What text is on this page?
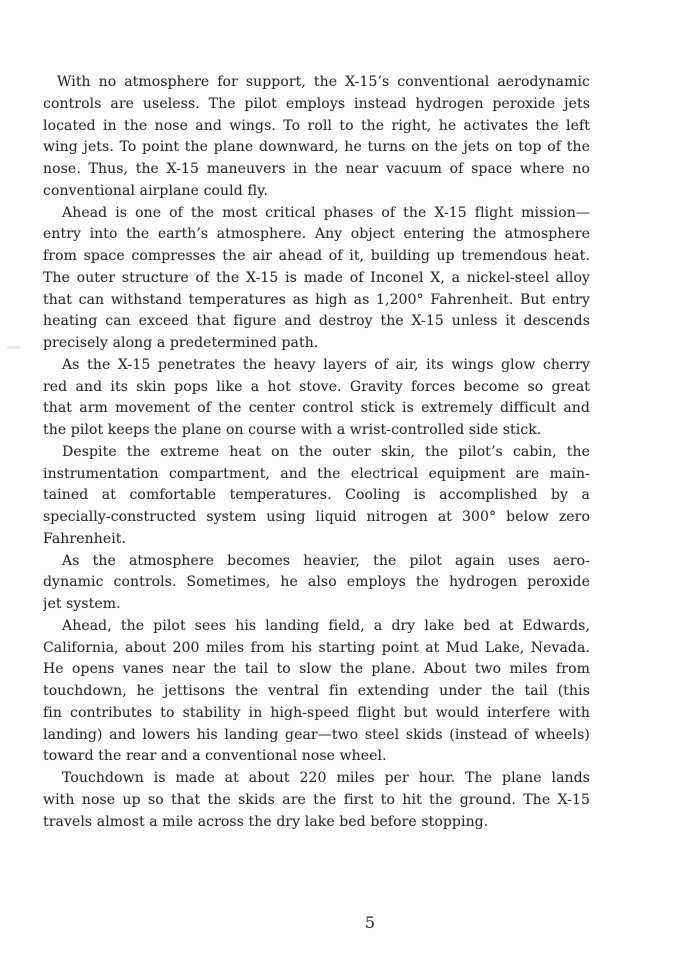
With no atmosphere for support, the X-15’s conventional aerodynamic
controls are useless. The pilot employs instead hydrogen peroxide jets
located in the nose and wings. To roll to the right, he activates the left
wing jets. To point the plane downward, he turns on the jets on top of the
nose. Thus, the X-15 maneuvers in the near vacuum of space where no
conventional airplane could fly.
Ahead is one of the most critical phases of the X-15 flight mission—
entry into the earth’s atmosphere. Any object entering the atmosphere
from space compresses the air ahead of it, building up tremendous heat.
The outer structure of the X-15 is made of Inconel X, a nickel-steel alloy
that can withstand temperatures as high as 1,200° Fahrenheit. But entry
heating can exceed that figure and destroy the X-15 unless it descends
precisely along a predetermined path.
As the X-15 penetrates the heavy layers of air, its wings glow cherry
red and its skin pops like a hot stove. Gravity forces become so great
that arm movement of the center control stick is extremely difficult and
the pilot keeps the plane on course with a wrist-controlled side stick.
Despite the extreme heat on the outer skin, the pilot’s cabin, the
instrumentation compartment, and the electrical equipment are main-
tained at comfortable temperatures. Cooling is accomplished by a
specially-constructed system using liquid nitrogen at 300° below zero
Fahrenheit.
As the atmosphere becomes heavier, the pilot again uses aero-
dynamic controls. Sometimes, he also employs the hydrogen peroxide
jet system.
Ahead, the pilot sees his landing field, a dry lake bed at Edwards,
California, about 200 miles from his starting point at Mud Lake, Nevada.
He opens vanes near the tail to slow the plane. About two miles from
touchdown, he jettisons the ventral fin extending under the tail (this
fin contributes to stability in high-speed flight but would interfere with
landing) and lowers his landing gear—two steel skids (instead of wheels)
toward the rear and a conventional nose wheel.
Touchdown is made at about 220 miles per hour. The plane lands
with nose up so that the skids are the first to hit the ground. The X-15
travels almost a mile across the dry lake bed before stopping.
5
